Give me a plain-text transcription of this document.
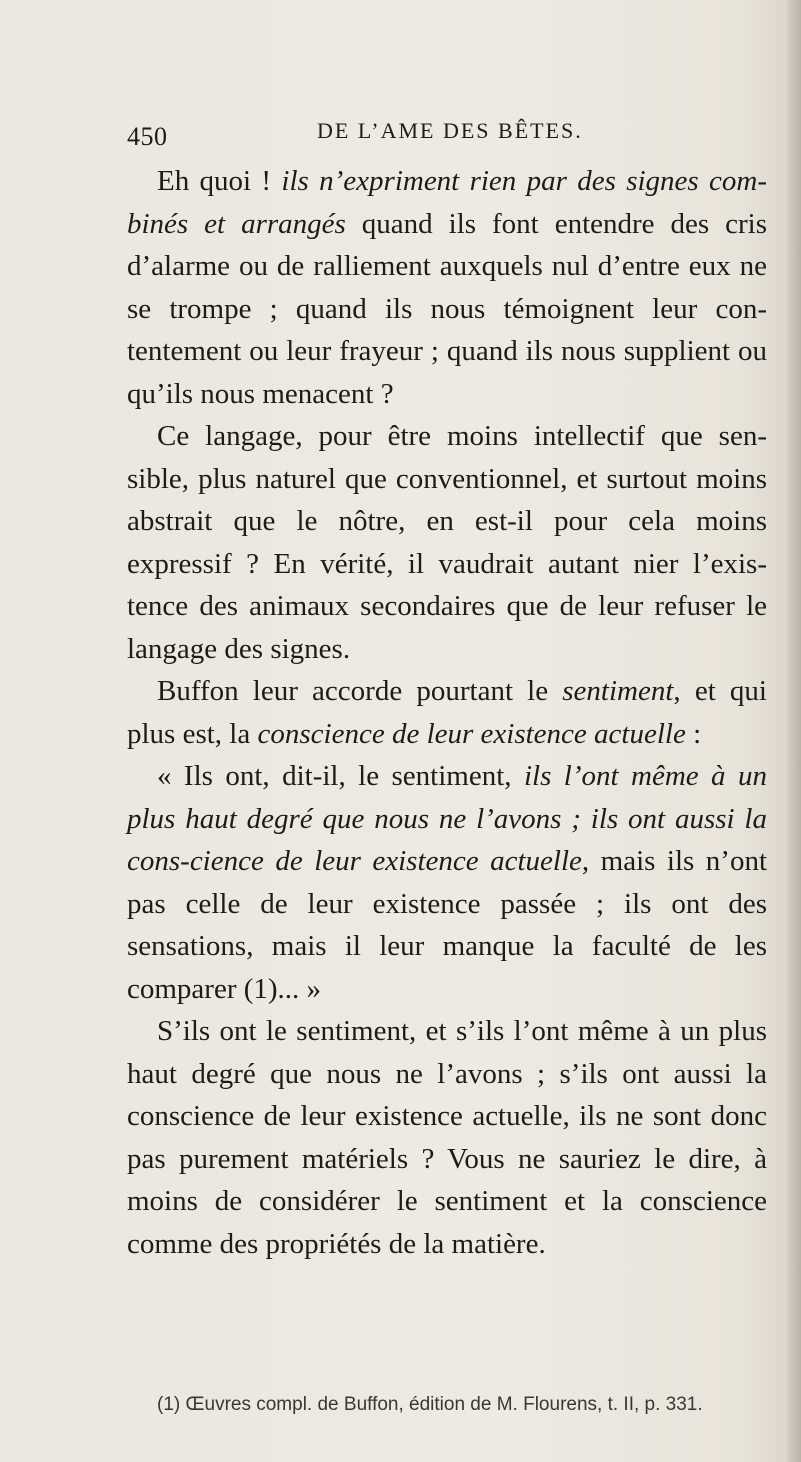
450	DE L’AME DES BÊTES.

Eh quoi ! ils n’expriment rien par des signes com-binés et arrangés quand ils font entendre des cris d’alarme ou de ralliement auxquels nul d’entre eux ne se trompe ; quand ils nous témoignent leur con-tentement ou leur frayeur ; quand ils nous supplient ou qu’ils nous menacent ?

Ce langage, pour être moins intellectif que sen-sible, plus naturel que conventionnel, et surtout moins abstrait que le nôtre, en est-il pour cela moins expressif ? En vérité, il vaudrait autant nier l’exis-tence des animaux secondaires que de leur refuser le langage des signes.

Buffon leur accorde pourtant le sentiment, et qui plus est, la conscience de leur existence actuelle :

« Ils ont, dit-il, le sentiment, ils l’ont même à un plus haut degré que nous ne l’avons ; ils ont aussi la cons-cience de leur existence actuelle, mais ils n’ont pas celle de leur existence passée ; ils ont des sensations, mais il leur manque la faculté de les comparer (1)... »

S’ils ont le sentiment, et s’ils l’ont même à un plus haut degré que nous ne l’avons ; s’ils ont aussi la conscience de leur existence actuelle, ils ne sont donc pas purement matériels ? Vous ne sauriez le dire, à moins de considérer le sentiment et la conscience comme des propriétés de la matière.

(1) Œuvres compl. de Buffon, édition de M. Flourens, t. II, p. 331.
